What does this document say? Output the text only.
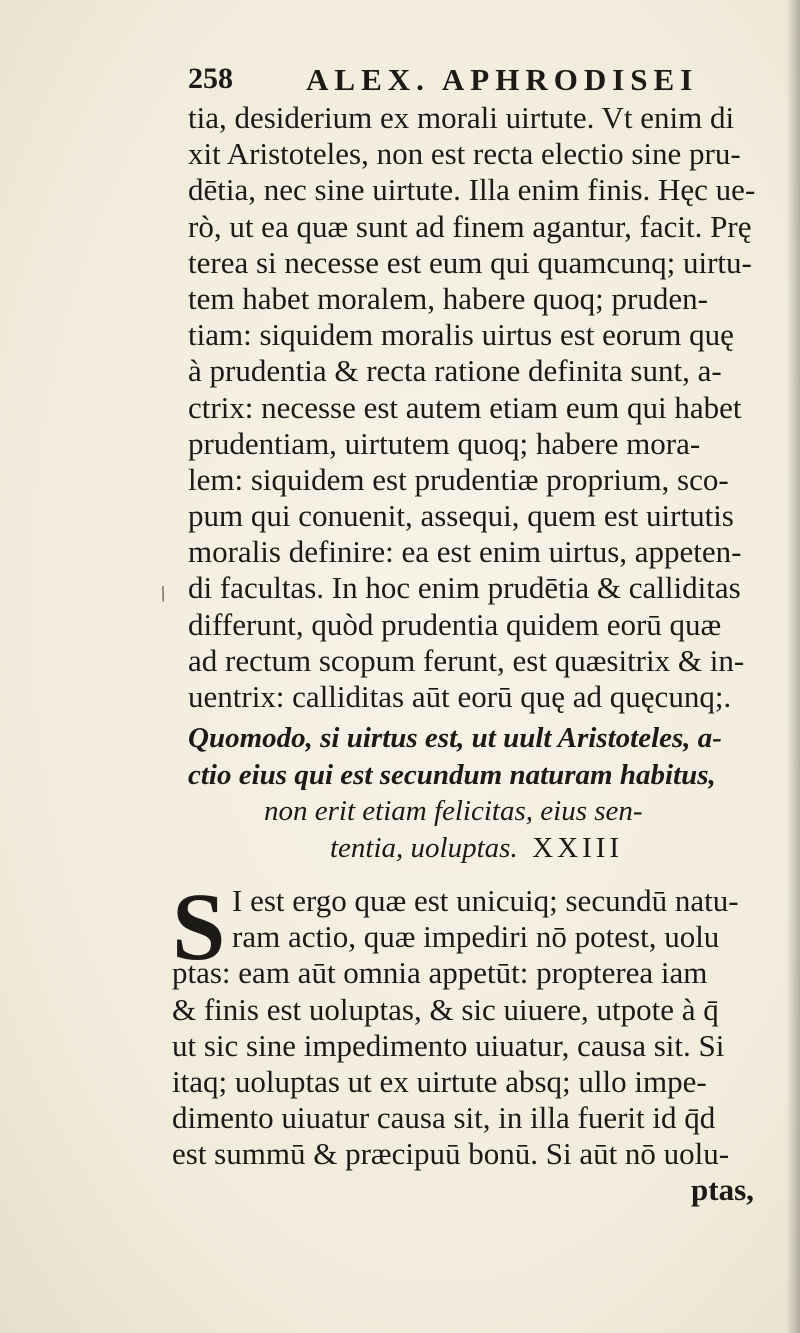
258 ALEX. APHRODISEI
tia, desiderium ex morali uirtute. Vt enim di
xit Aristoteles, non est recta electio sine pru-
dētia, nec sine uirtute. Illa enim finis. Hęc ue-
rò, ut ea quæ sunt ad finem agantur, facit. Prę
terea si necesse est eum qui quamcunq; uirtu-
tem habet moralem, habere quoq; pruden-
tiam: siquidem moralis uirtus est eorum quę
à prudentia & recta ratione definita sunt, a-
ctrix: necesse est autem etiam eum qui habet
prudentiam, uirtutem quoq; habere mora-
lem: siquidem est prudentiæ proprium, sco-
pum qui conuenit, assequi, quem est uirtutis
moralis definire: ea est enim uirtus, appeten-
di facultas. In hoc enim prudētia & calliditas
differunt, quòd prudentia quidem eorū quæ
ad rectum scopum ferunt, est quæsitrix & in-
uentrix: calliditas aūt eorū quę ad quęcunq;.
/
Quomodo, si uirtus est, ut uult Aristoteles, a-
ctio eius qui est secundum naturam habitus,
non erit etiam felicitas, eius sen-
tentia, uoluptas. XXIII
S I est ergo quæ est unicuiq; secundū natu-
ram actio, quæ impediri nō potest, uolu
ptas: eam aūt omnia appetūt: propterea iam
& finis est uoluptas, & sic uiuere, utpote à q̄
ut sic sine impedimento uiuatur, causa sit. Si
itaq; uoluptas ut ex uirtute absq; ullo impe-
dimento uiuatur causa sit, in illa fuerit id q̄d
est summū & præcipuū bonū. Si aūt nō uolu-
ptas,
